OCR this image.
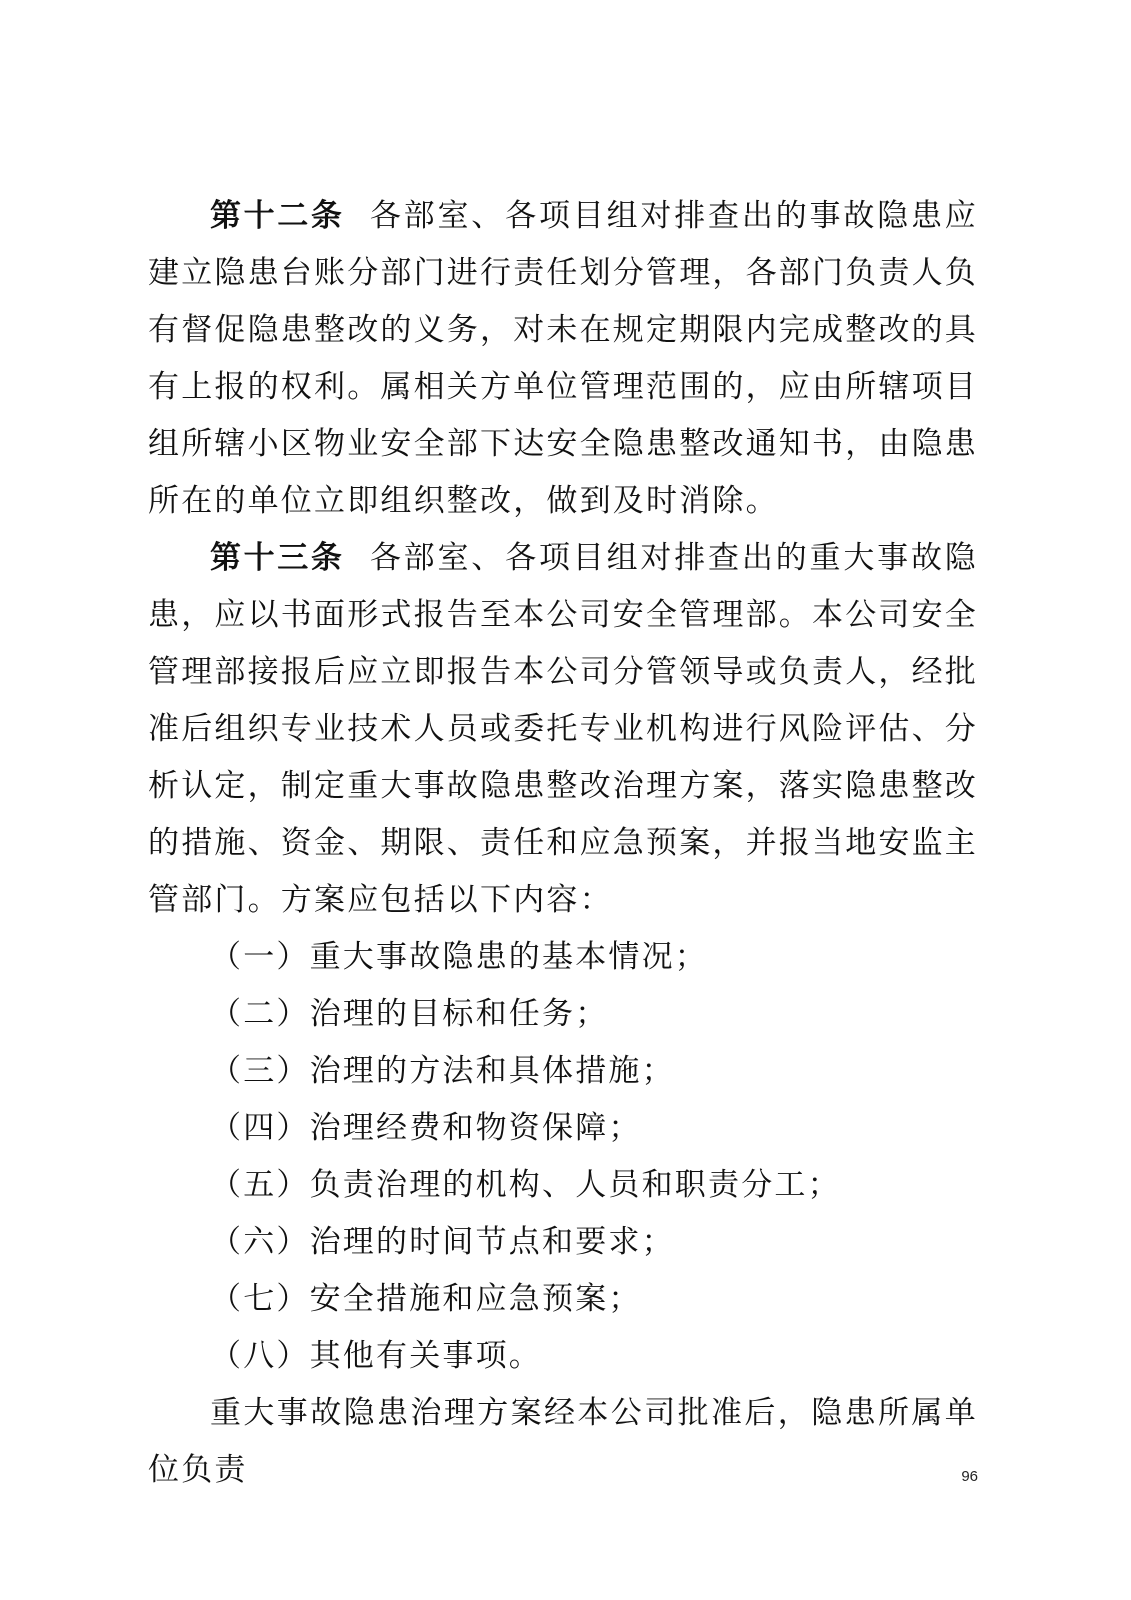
第十二条 各部室、各项目组对排查出的事故隐患应建立隐患台账分部门进行责任划分管理，各部门负责人负有督促隐患整改的义务，对未在规定期限内完成整改的具有上报的权利。属相关方单位管理范围的，应由所辖项目组所辖小区物业安全部下达安全隐患整改通知书，由隐患所在的单位立即组织整改，做到及时消除。

第十三条 各部室、各项目组对排查出的重大事故隐患，应以书面形式报告至本公司安全管理部。本公司安全管理部接报后应立即报告本公司分管领导或负责人，经批准后组织专业技术人员或委托专业机构进行风险评估、分析认定，制定重大事故隐患整改治理方案，落实隐患整改的措施、资金、期限、责任和应急预案，并报当地安监主管部门。方案应包括以下内容：

（一）重大事故隐患的基本情况；

（二）治理的目标和任务；

（三）治理的方法和具体措施；

（四）治理经费和物资保障；

（五）负责治理的机构、人员和职责分工；

（六）治理的时间节点和要求；

（七）安全措施和应急预案；

（八）其他有关事项。

重大事故隐患治理方案经本公司批准后，隐患所属单位负责	96
